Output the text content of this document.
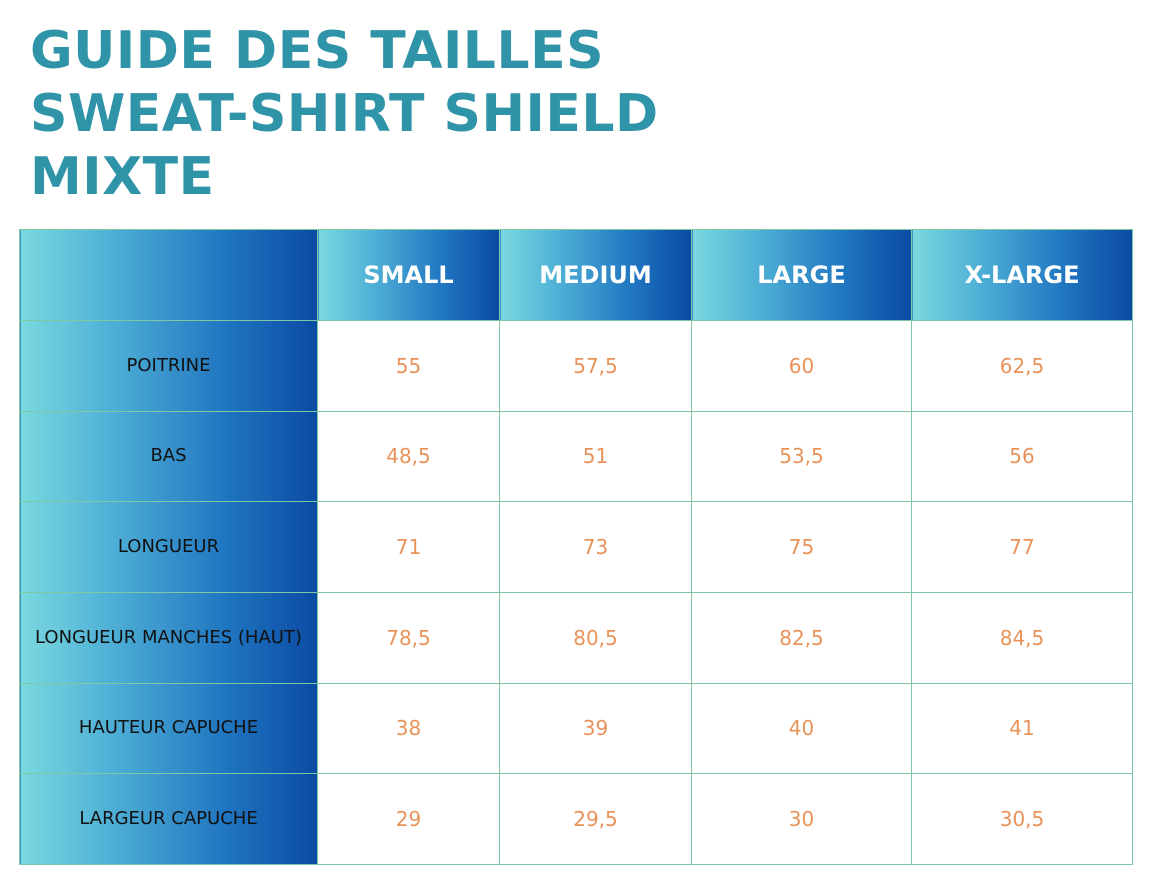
GUIDE DES TAILLES
SWEAT-SHIRT SHIELD
MIXTE
	SMALL	MEDIUM	LARGE	X-LARGE
POITRINE	55	57,5	60	62,5
BAS	48,5	51	53,5	56
LONGUEUR	71	73	75	77
LONGUEUR MANCHES (HAUT)	78,5	80,5	82,5	84,5
HAUTEUR CAPUCHE	38	39	40	41
LARGEUR CAPUCHE	29	29,5	30	30,5
